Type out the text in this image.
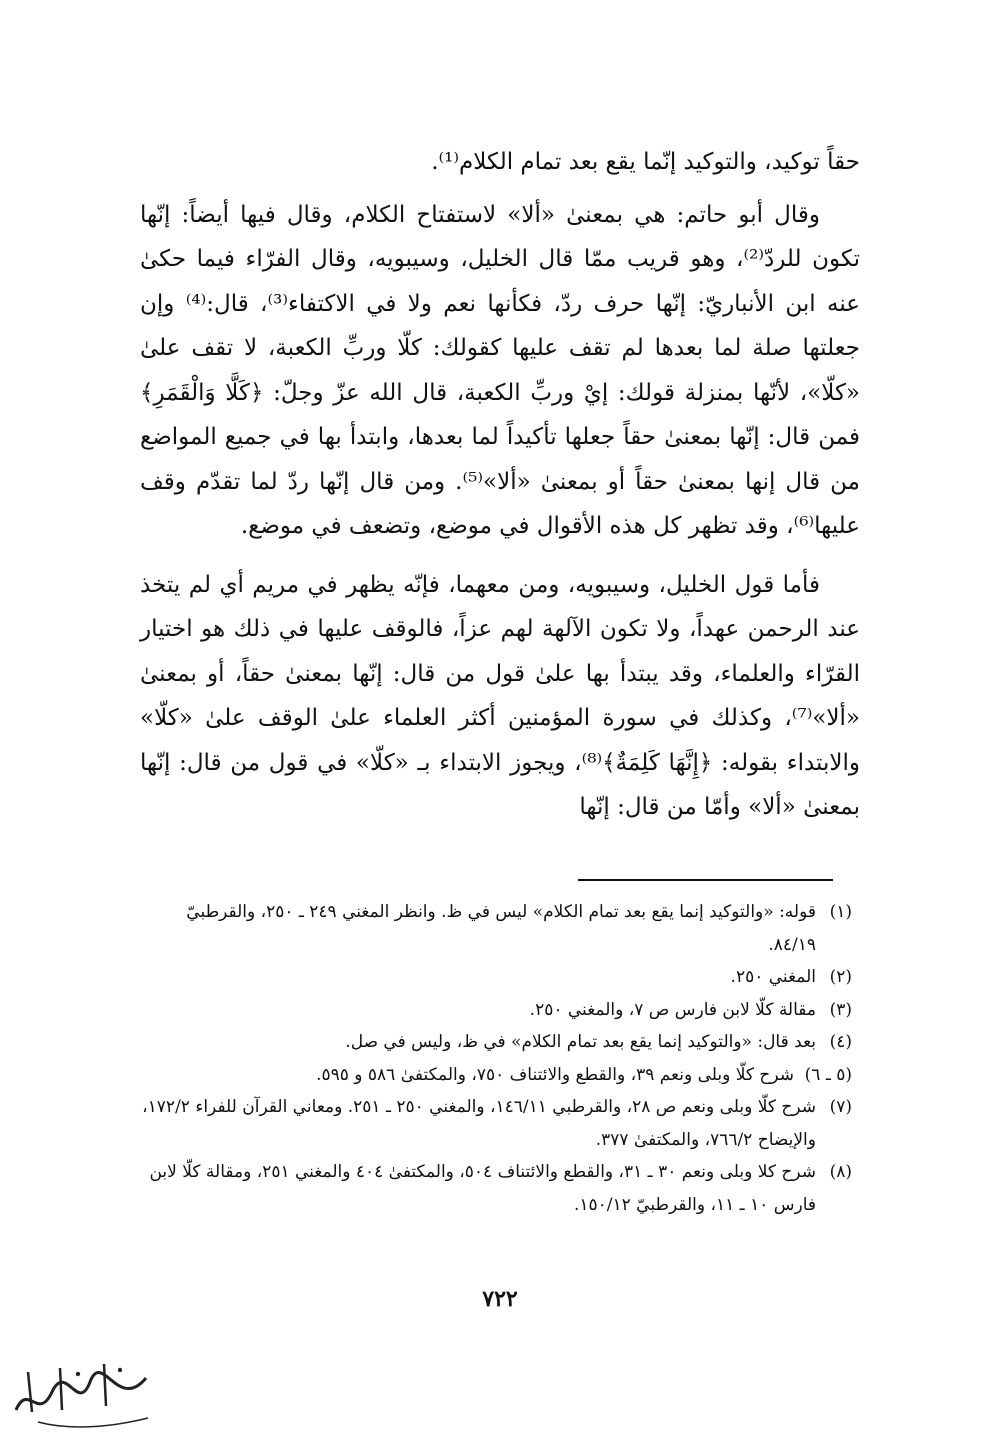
حقاً توكيد، والتوكيد إنّما يقع بعد تمام الكلام⁽¹⁾.

وقال أبو حاتم: هي بمعنىٰ «ألا» لاستفتاح الكلام، وقال فيها أيضاً: إنّها تكون للردّ⁽²⁾، وهو قريب ممّا قال الخليل، وسيبويه، وقال الفرّاء فيما حكىٰ عنه ابن الأنباريّ: إنّها حرف ردّ، فكأنها نعم ولا في الاكتفاء⁽³⁾، قال:⁽⁴⁾ وإن جعلتها صلة لما بعدها لم تقف عليها كقولك: كلّا وربِّ الكعبة، لا تقف علىٰ «كلّا»، لأنّها بمنزلة قولك: إيْ وربِّ الكعبة، قال الله عزّ وجلّ: ﴿كَلَّا وَالْقَمَرِ﴾ فمن قال: إنّها بمعنىٰ حقاً جعلها تأكيداً لما بعدها، وابتدأ بها في جميع المواضع من قال إنها بمعنىٰ حقاً أو بمعنىٰ «ألا»⁽⁵⁾. ومن قال إنّها ردّ لما تقدّم وقف عليها⁽⁶⁾، وقد تظهر كل هذه الأقوال في موضع، وتضعف في موضع.

فأما قول الخليل، وسيبويه، ومن معهما، فإنّه يظهر في مريم أي لم يتخذ عند الرحمن عهداً، ولا تكون الآلهة لهم عزاً، فالوقف عليها في ذلك هو اختيار القرّاء والعلماء، وقد يبتدأ بها علىٰ قول من قال: إنّها بمعنىٰ حقاً، أو بمعنىٰ «ألا»⁽⁷⁾، وكذلك في سورة المؤمنين أكثر العلماء علىٰ الوقف علىٰ «كلّا» والابتداء بقوله: ﴿إِنَّهَا كَلِمَةٌ﴾⁽⁸⁾، ويجوز الابتداء بـ «كلّا» في قول من قال: إنّها بمعنىٰ «ألا» وأمّا من قال: إنّها

(١)
قوله: «والتوكيد إنما يقع بعد تمام الكلام» ليس في ظ. وانظر المغني ٢٤٩ ـ ٢٥٠، والقرطبيّ ٨٤/١٩.

(٢)
المغني ٢٥٠.

(٣)
مقالة كلّا لابن فارس ص ٧، والمغني ٢٥٠.

(٤)
بعد قال: «والتوكيد إنما يقع بعد تمام الكلام» في ظ، وليس في صل.

(٥ ـ ٦)
شرح كلّا وبلى ونعم ٣٩، والقطع والائتناف ٧٥٠، والمكتفىٰ ٥٨٦ و ٥٩٥.

(٧)
شرح كلّا وبلى ونعم ص ٢٨، والقرطبي ١٤٦/١١، والمغني ٢٥٠ ـ ٢٥١. ومعاني القرآن للفراء ١٧٢/٢، والإيضاح ٧٦٦/٢، والمكتفىٰ ٣٧٧.

(٨)
شرح كلا وبلى ونعم ٣٠ ـ ٣١، والقطع والائتناف ٥٠٤، والمكتفىٰ ٤٠٤ والمغني ٢٥١، ومقالة كلّا لابن فارس ١٠ ـ ١١، والقرطبيّ ١٥٠/١٢.

٧٢٢
